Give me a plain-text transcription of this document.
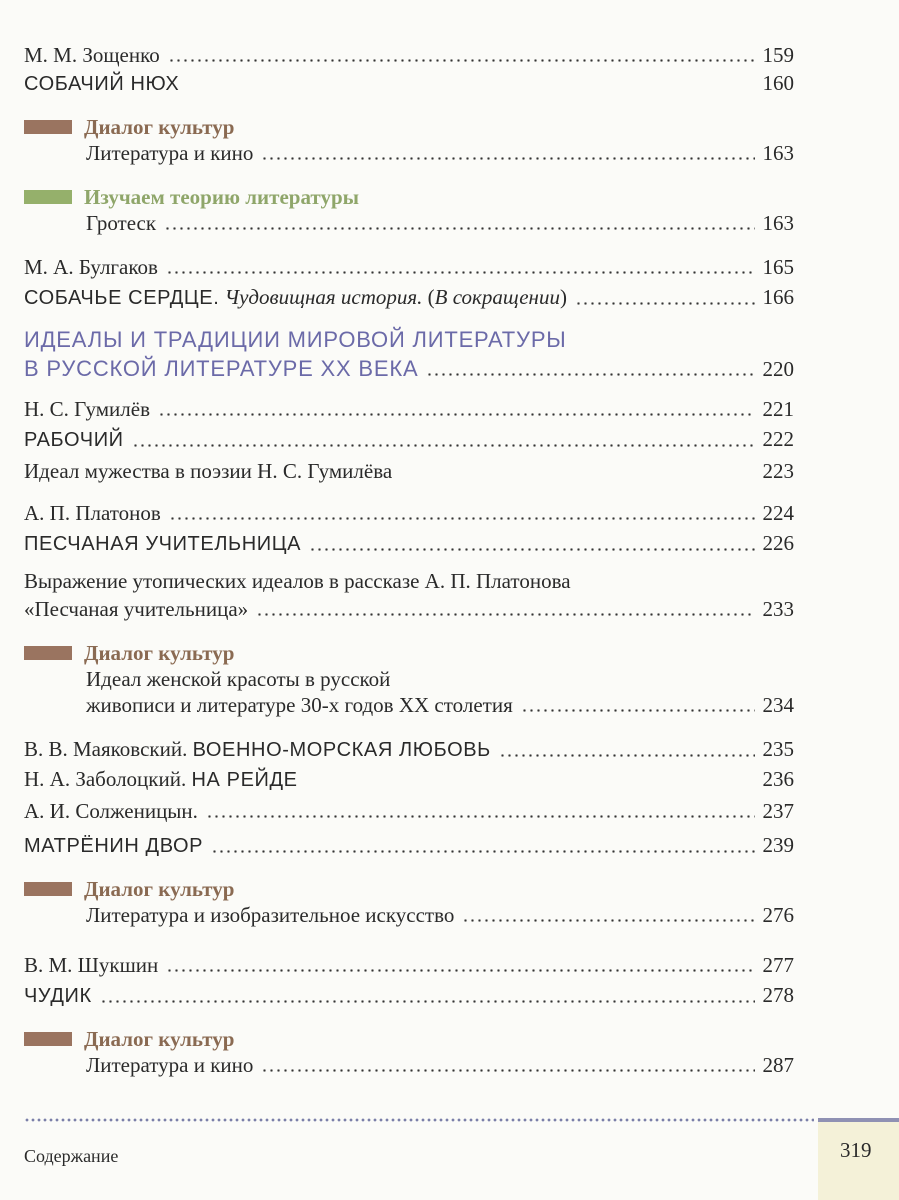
М. М. Зощенко	159
СОБАЧИЙ НЮХ	160
Диалог культур
Литература и кино	163
Изучаем теорию литературы
Гротеск	163
М. А. Булгаков	165
СОБАЧЬЕ СЕРДЦЕ. Чудовищная история. (В сокращении)	166
ИДЕАЛЫ И ТРАДИЦИИ МИРОВОЙ ЛИТЕРАТУРЫ
В РУССКОЙ ЛИТЕРАТУРЕ XX ВЕКА	220
Н. С. Гумилёв	221
РАБОЧИЙ	222
Идеал мужества в поэзии Н. С. Гумилёва	223
А. П. Платонов	224
ПЕСЧАНАЯ УЧИТЕЛЬНИЦА	226
Выражение утопических идеалов в рассказе А. П. Платонова
«Песчаная учительница»	233
Диалог культур
Идеал женской красоты в русской
живописи и литературе 30-х годов XX столетия	234
В. В. Маяковский. ВОЕННО-МОРСКАЯ ЛЮБОВЬ	235
Н. А. Заболоцкий. НА РЕЙДЕ	236
А. И. Солженицын.	237
МАТРЁНИН ДВОР	239
Диалог культур
Литература и изобразительное искусство	276
В. М. Шукшин	277
ЧУДИК	278
Диалог культур
Литература и кино	287
Содержание	319
